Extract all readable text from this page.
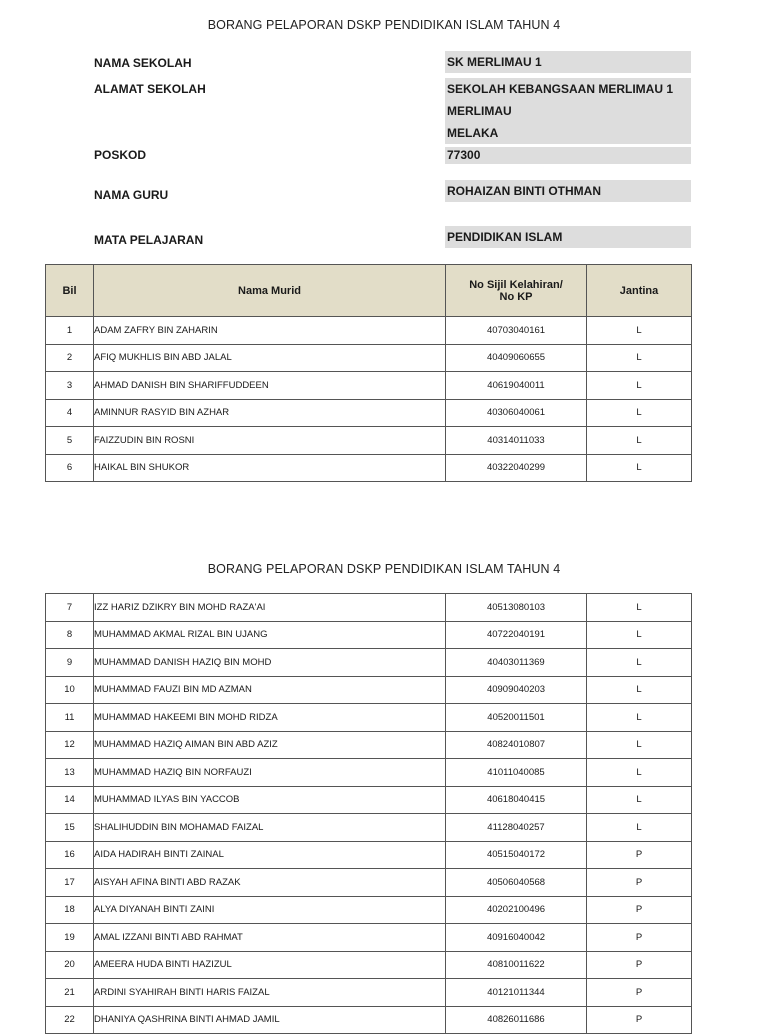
BORANG PELAPORAN DSKP PENDIDIKAN ISLAM TAHUN 4
NAMA SEKOLAH	SK MERLIMAU 1
ALAMAT SEKOLAH	SEKOLAH KEBANGSAAN MERLIMAU 1
MERLIMAU
MELAKA
POSKOD	77300
NAMA GURU	ROHAIZAN BINTI OTHMAN
MATA PELAJARAN	PENDIDIKAN ISLAM
Bil	Nama Murid	No Sijil Kelahiran/
No KP	Jantina
1	ADAM ZAFRY BIN ZAHARIN	40703040161	L
2	AFIQ MUKHLIS BIN ABD JALAL	40409060655	L
3	AHMAD DANISH BIN SHARIFFUDDEEN	40619040011	L
4	AMINNUR RASYID BIN AZHAR	40306040061	L
5	FAIZZUDIN BIN ROSNI	40314011033	L
6	HAIKAL BIN SHUKOR	40322040299	L
BORANG PELAPORAN DSKP PENDIDIKAN ISLAM TAHUN 4
7	IZZ HARIZ DZIKRY BIN MOHD RAZA'AI	40513080103	L
8	MUHAMMAD AKMAL RIZAL BIN UJANG	40722040191	L
9	MUHAMMAD DANISH HAZIQ BIN MOHD	40403011369	L
10	MUHAMMAD FAUZI BIN MD AZMAN	40909040203	L
11	MUHAMMAD HAKEEMI BIN MOHD RIDZA	40520011501	L
12	MUHAMMAD HAZIQ AIMAN BIN ABD AZIZ	40824010807	L
13	MUHAMMAD HAZIQ BIN NORFAUZI	41011040085	L
14	MUHAMMAD ILYAS BIN YACCOB	40618040415	L
15	SHALIHUDDIN BIN MOHAMAD FAIZAL	41128040257	L
16	AIDA HADIRAH BINTI ZAINAL	40515040172	P
17	AISYAH AFINA BINTI ABD RAZAK	40506040568	P
18	ALYA DIYANAH BINTI ZAINI	40202100496	P
19	AMAL IZZANI BINTI ABD RAHMAT	40916040042	P
20	AMEERA HUDA BINTI HAZIZUL	40810011622	P
21	ARDINI SYAHIRAH BINTI HARIS FAIZAL	40121011344	P
22	DHANIYA QASHRINA BINTI AHMAD JAMIL	40826011686	P
